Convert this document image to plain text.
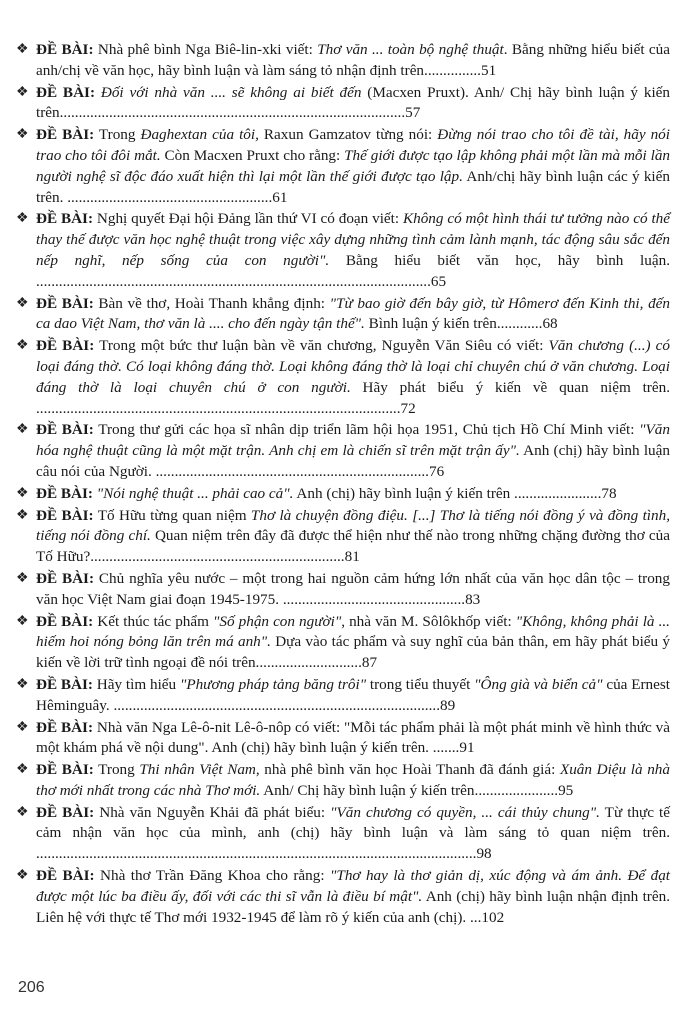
❖ ĐỀ BÀI: Nhà phê bình Nga Biê-lin-xki viết: Thơ văn ... toàn bộ nghệ thuật. Bằng những hiểu biết của anh/chị về văn học, hãy bình luận và làm sáng tỏ nhận định trên...............51
❖ ĐỀ BÀI: Đối với nhà văn .... sẽ không ai biết đến (Macxen Pruxt). Anh/ Chị hãy bình luận ý kiến trên...........................................................................................57
❖ ĐỀ BÀI: Trong Đaghextan của tôi, Raxun Gamzatov từng nói: Đừng nói trao cho tôi đề tài, hãy nói trao cho tôi đôi mắt. Còn Macxen Pruxt cho rằng: Thế giới được tạo lập không phải một lần mà mỗi lần người nghệ sĩ độc đáo xuất hiện thì lại một lần thế giới được tạo lập. Anh/chị hãy bình luận các ý kiến trên. ......................................................61
❖ ĐỀ BÀI: Nghị quyết Đại hội Đảng lần thứ VI có đoạn viết: Không có một hình thái tư tưởng nào có thể thay thế được văn học nghệ thuật trong việc xây dựng những tình cảm lành mạnh, tác động sâu sắc đến nếp nghĩ, nếp sống của con người". Bằng hiểu biết văn học, hãy bình luận. ........................................................................................................65
❖ ĐỀ BÀI: Bàn về thơ, Hoài Thanh khẳng định: "Từ bao giờ đến bây giờ, từ Hômerơ đến Kinh thi, đến ca dao Việt Nam, thơ văn là .... cho đến ngày tận thế". Bình luận ý kiến trên............68
❖ ĐỀ BÀI: Trong một bức thư luận bàn về văn chương, Nguyễn Văn Siêu có viết: Văn chương (...) có loại đáng thờ. Có loại không đáng thờ. Loại không đáng thờ là loại chỉ chuyên chú ở văn chương. Loại đáng thờ là loại chuyên chú ở con người. Hãy phát biểu ý kiến về quan niệm trên. ................................................................................................72
❖ ĐỀ BÀI: Trong thư gửi các họa sĩ nhân dịp triển lãm hội họa 1951, Chủ tịch Hồ Chí Minh viết: "Văn hóa nghệ thuật cũng là một mặt trận. Anh chị em là chiến sĩ trên mặt trận ấy". Anh (chị) hãy bình luận câu nói của Người. ........................................................................76
❖ ĐỀ BÀI: "Nói nghệ thuật ... phải cao cả". Anh (chị) hãy bình luận ý kiến trên .......................78
❖ ĐỀ BÀI: Tố Hữu từng quan niệm Thơ là chuyện đồng điệu. [...] Thơ là tiếng nói đồng ý và đồng tình, tiếng nói đồng chí. Quan niệm trên đây đã được thể hiện như thế nào trong những chặng đường thơ của Tố Hữu?...................................................................81
❖ ĐỀ BÀI: Chủ nghĩa yêu nước – một trong hai nguồn cảm hứng lớn nhất của văn học dân tộc – trong văn học Việt Nam giai đoạn 1945-1975. ................................................83
❖ ĐỀ BÀI: Kết thúc tác phẩm "Số phận con người", nhà văn M. Sôlôkhốp viết: "Không, không phải là ... hiếm hoi nóng bỏng lăn trên má anh". Dựa vào tác phẩm và suy nghĩ của bản thân, em hãy phát biểu ý kiến về lời trữ tình ngoại đề nói trên............................87
❖ ĐỀ BÀI: Hãy tìm hiểu "Phương pháp tảng băng trôi" trong tiểu thuyết "Ông già và biển cả" của Ernest Hêminguây. ......................................................................................89
❖ ĐỀ BÀI: Nhà văn Nga Lê-ô-nit Lê-ô-nôp có viết: "Mỗi tác phẩm phải là một phát minh về hình thức và một khám phá về nội dung". Anh (chị) hãy bình luận ý kiến trên. .......91
❖ ĐỀ BÀI: Trong Thi nhân Việt Nam, nhà phê bình văn học Hoài Thanh đã đánh giá: Xuân Diệu là nhà thơ mới nhất trong các nhà Thơ mới. Anh/ Chị hãy bình luận ý kiến trên......................95
❖ ĐỀ BÀI: Nhà văn Nguyễn Khải đã phát biểu: "Văn chương có quyền, ... cái thủy chung". Từ thực tế cảm nhận văn học của mình, anh (chị) hãy bình luận và làm sáng tỏ quan niệm trên. ....................................................................................................................98
❖ ĐỀ BÀI: Nhà thơ Trần Đăng Khoa cho rằng: "Thơ hay là thơ giản dị, xúc động và ám ảnh. Để đạt được một lúc ba điều ấy, đối với các thi sĩ vẫn là điều bí mật". Anh (chị) hãy bình luận nhận định trên. Liên hệ với thực tế Thơ mới 1932-1945 để làm rõ ý kiến của anh (chị). ...102
206
